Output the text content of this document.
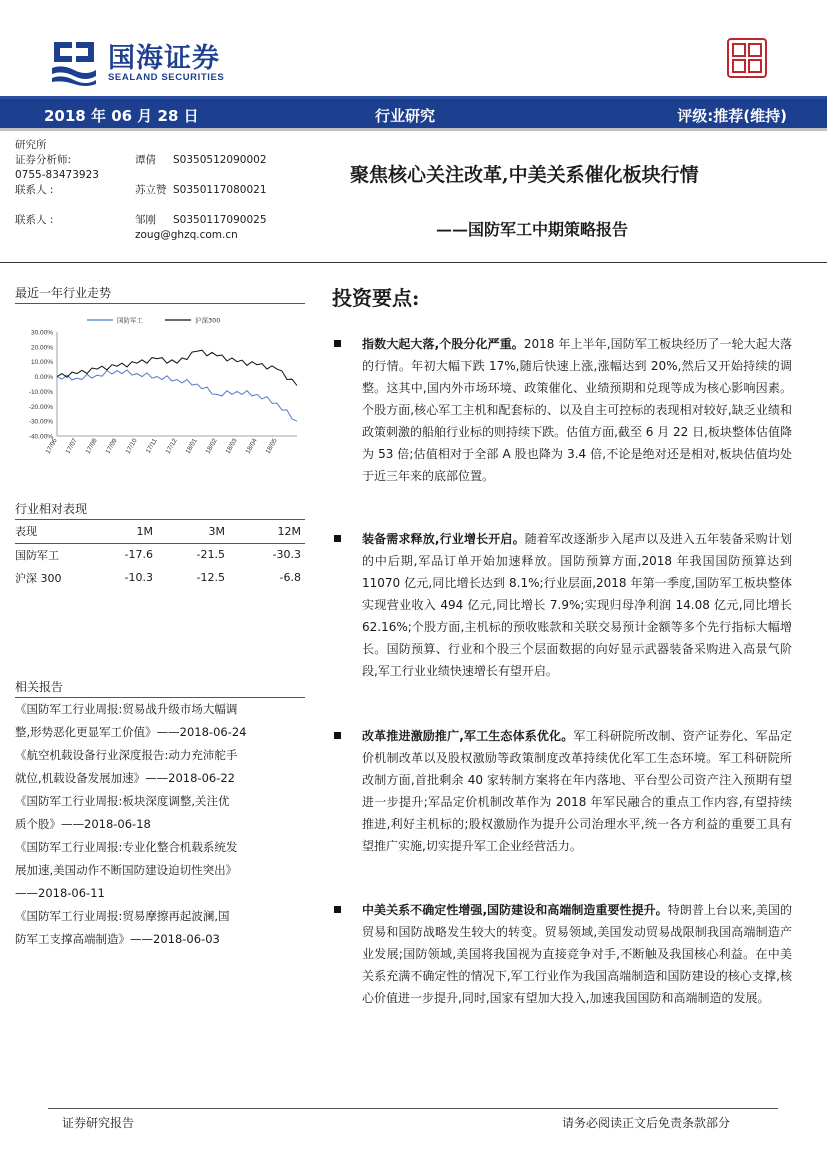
国海证券
SEALAND SECURITIES
2018 年 06 月 28 日	行业研究	评级:推荐(维持)
研究所
证券分析师:	谭倩 S0350512090002
0755-83473923
联系人 :	苏立赞 S0350117080021
联系人 :	邹刚 S0350117090025
zoug@ghzq.com.cn
聚焦核心关注改革,中美关系催化板块行情
——国防军工中期策略报告
最近一年行业走势
30.00%
20.00%
10.00%
0.00%
-10.00%
-20.00%
-30.00%
-40.00%
17/06 17/07 17/08 17/09 17/10 17/11 17/12 18/01 18/02 18/03 18/04 18/05
国防军工	沪深300
行业相对表现
表现	1M	3M	12M
国防军工	-17.6	-21.5	-30.3
沪深 300	-10.3	-12.5	-6.8
相关报告
《国防军工行业周报:贸易战升级市场大幅调
整,形势恶化更显军工价值》——2018-06-24
《航空机载设备行业深度报告:动力充沛舵手
就位,机载设备发展加速》——2018-06-22
《国防军工行业周报:板块深度调整,关注优
质个股》——2018-06-18
《国防军工行业周报:专业化整合机载系统发
展加速,美国动作不断国防建设迫切性突出》
——2018-06-11
《国防军工行业周报:贸易摩擦再起波澜,国
防军工支撑高端制造》——2018-06-03
投资要点:
指数大起大落,个股分化严重。2018 年上半年,国防军工板块经历了一轮大起大落的行情。年初大幅下跌 17%,随后快速上涨,涨幅达到 20%,然后又开始持续的调整。这其中,国内外市场环境、政策催化、业绩预期和兑现等成为核心影响因素。个股方面,核心军工主机和配套标的、以及自主可控标的表现相对较好,缺乏业绩和政策刺激的船舶行业标的则持续下跌。估值方面,截至 6 月 22 日,板块整体估值降为 53 倍;估值相对于全部 A 股也降为 3.4 倍,不论是绝对还是相对,板块估值均处于近三年来的底部位置。
装备需求释放,行业增长开启。随着军改逐渐步入尾声以及进入五年装备采购计划的中后期,军品订单开始加速释放。国防预算方面,2018 年我国国防预算达到 11070 亿元,同比增长达到 8.1%;行业层面,2018 年第一季度,国防军工板块整体实现营业收入 494 亿元,同比增长 7.9%;实现归母净利润 14.08 亿元,同比增长 62.16%;个股方面,主机标的预收账款和关联交易预计金额等多个先行指标大幅增长。国防预算、行业和个股三个层面数据的向好显示武器装备采购进入高景气阶段,军工行业业绩快速增长有望开启。
改革推进激励推广,军工生态体系优化。军工科研院所改制、资产证券化、军品定价机制改革以及股权激励等政策制度改革持续优化军工生态环境。军工科研院所改制方面,首批剩余 40 家转制方案将在年内落地、平台型公司资产注入预期有望进一步提升;军品定价机制改革作为 2018 年军民融合的重点工作内容,有望持续推进,利好主机标的;股权激励作为提升公司治理水平,统一各方利益的重要工具有望推广实施,切实提升军工企业经营活力。
中美关系不确定性增强,国防建设和高端制造重要性提升。特朗普上台以来,美国的贸易和国防战略发生较大的转变。贸易领域,美国发动贸易战限制我国高端制造产业发展;国防领域,美国将我国视为直接竞争对手,不断触及我国核心利益。在中美关系充满不确定性的情况下,军工行业作为我国高端制造和国防建设的核心支撑,核心价值进一步提升,同时,国家有望加大投入,加速我国国防和高端制造的发展。
证券研究报告	请务必阅读正文后免责条款部分
